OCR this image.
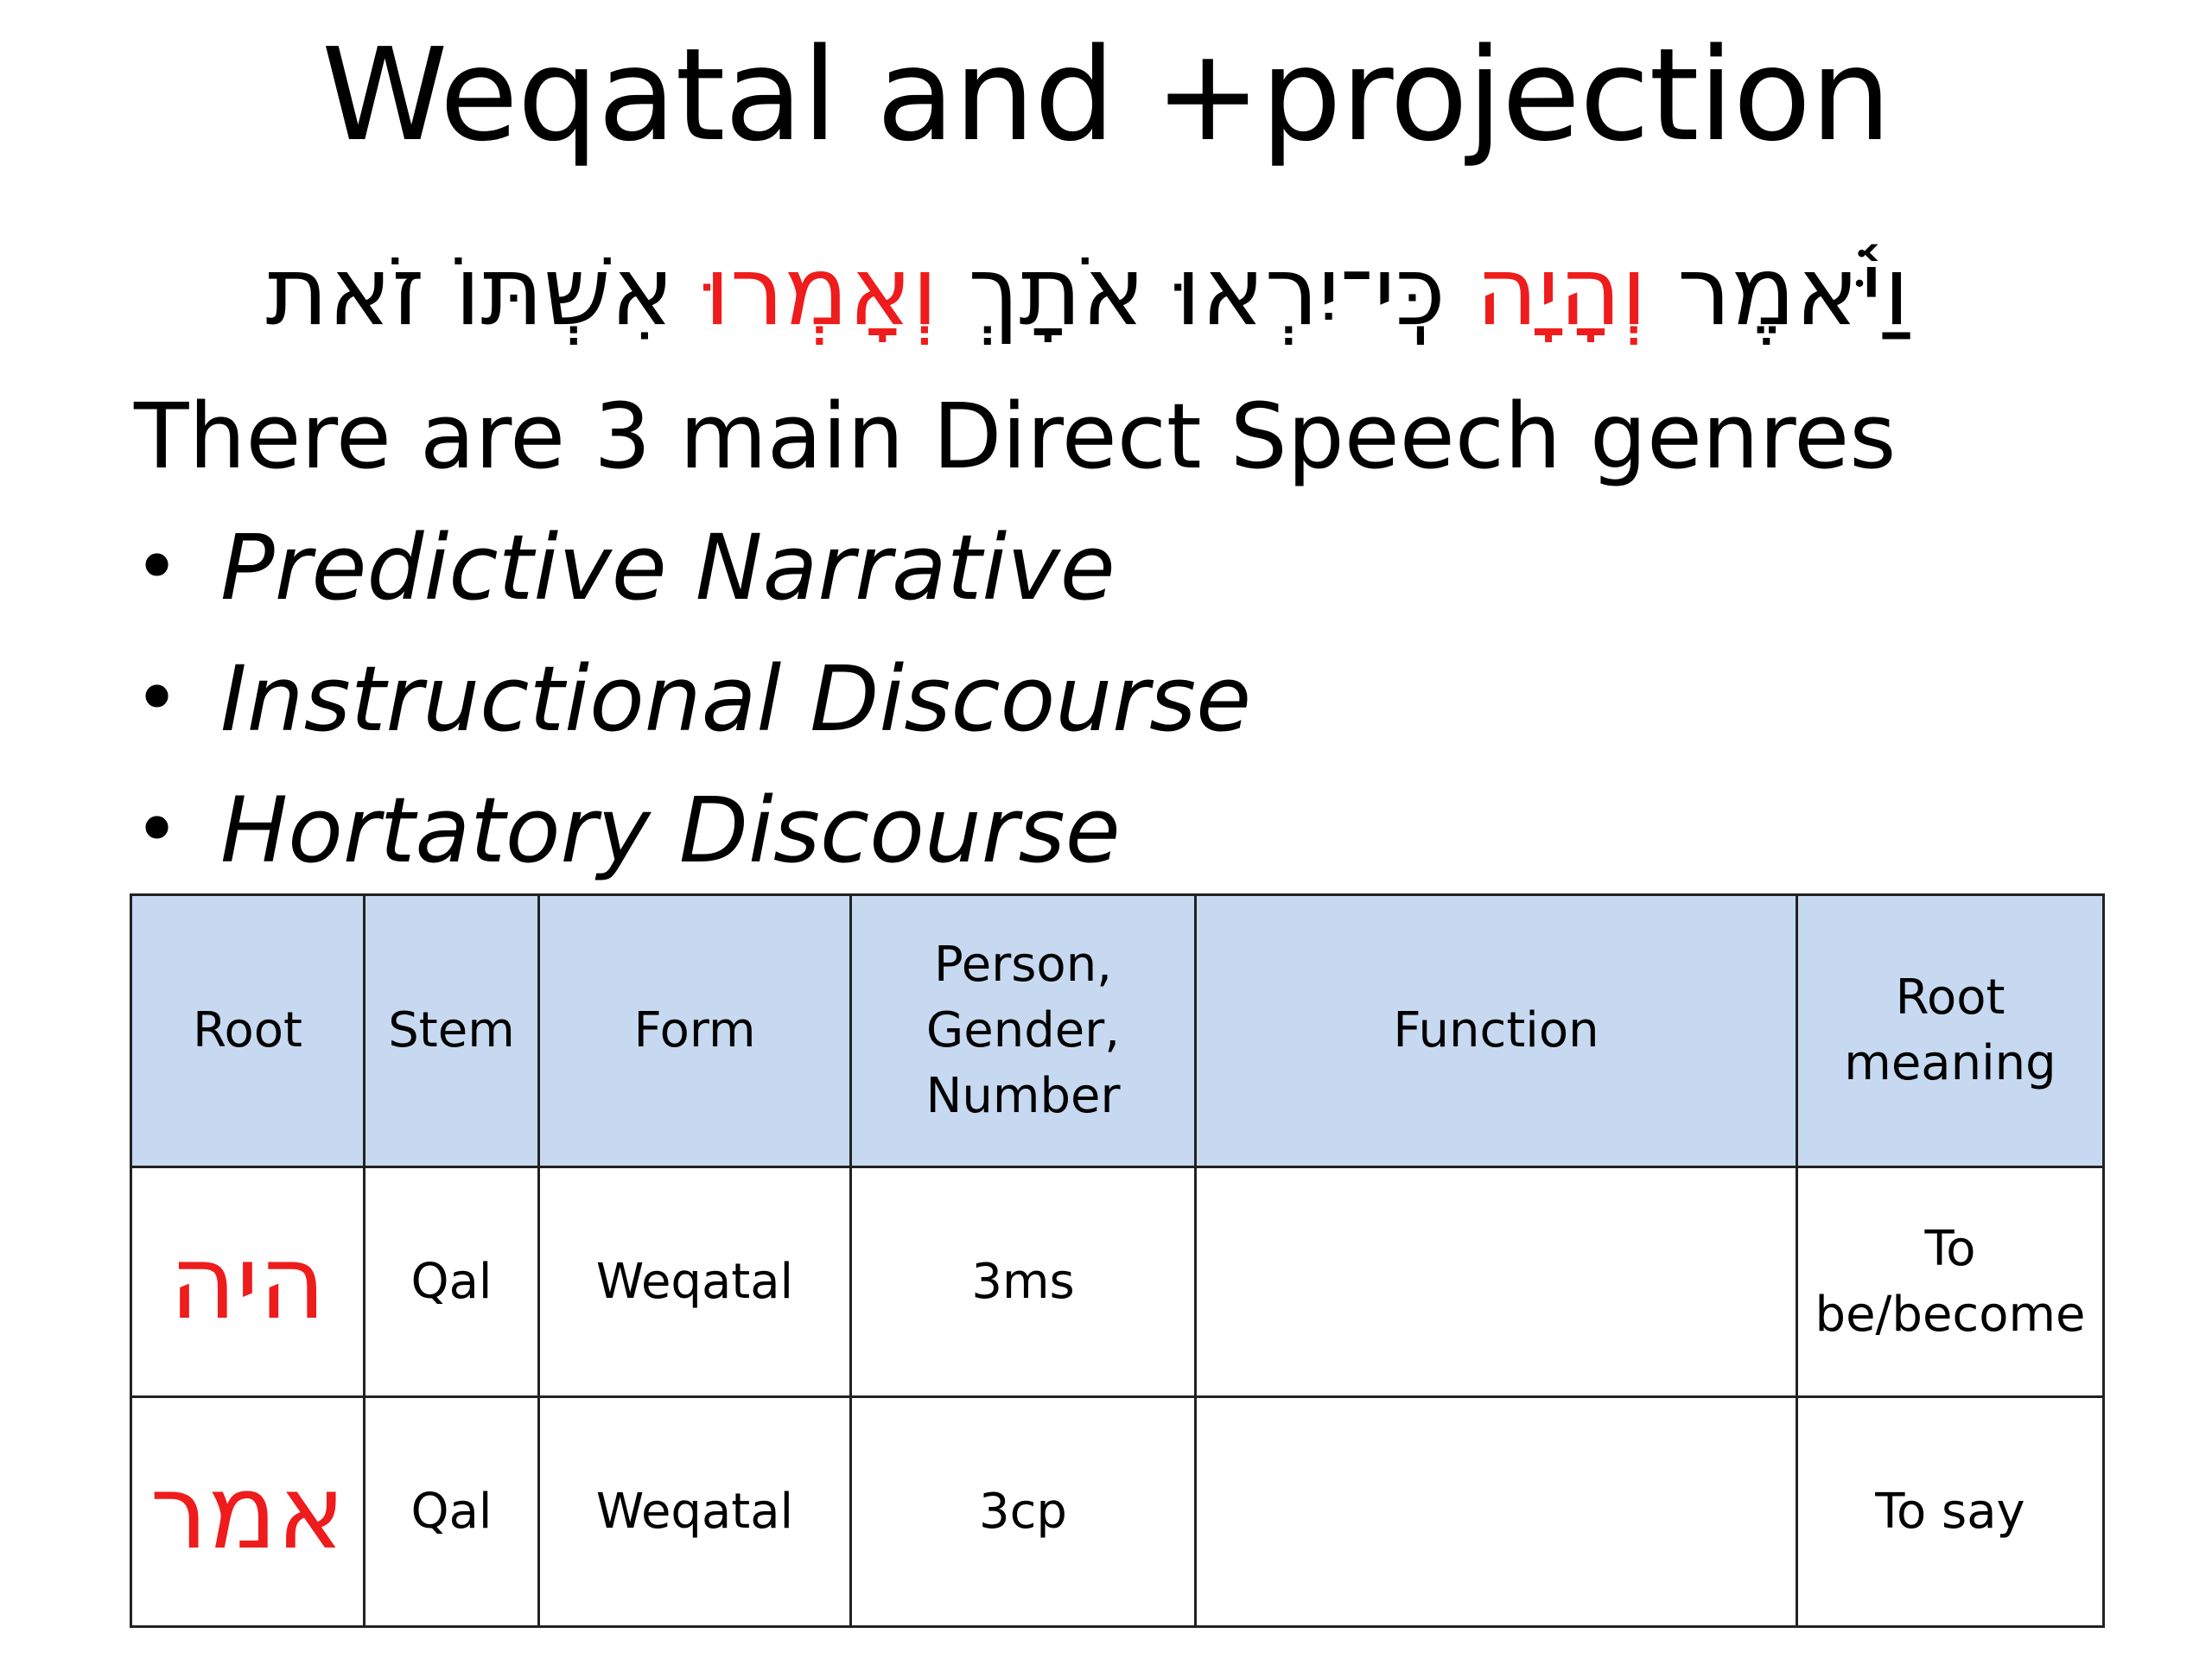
Weqatal and +projection
וַיֹּ֫אמֶר וְהָיָה כִּֽי־יִרְאוּ אֹתָךְ וְאָמְרוּ אִשְׁתּוֹ זֹאת
There are 3 main Direct Speech genres
• Predictive Narrative
• Instructional Discourse
• Hortatory Discourse
Root	Stem	Form	Person,
Gender,
Number	Function	Root
meaning
היה	Qal	Weqatal	3ms		To
be/become
אמר	Qal	Weqatal	3cp		To say
